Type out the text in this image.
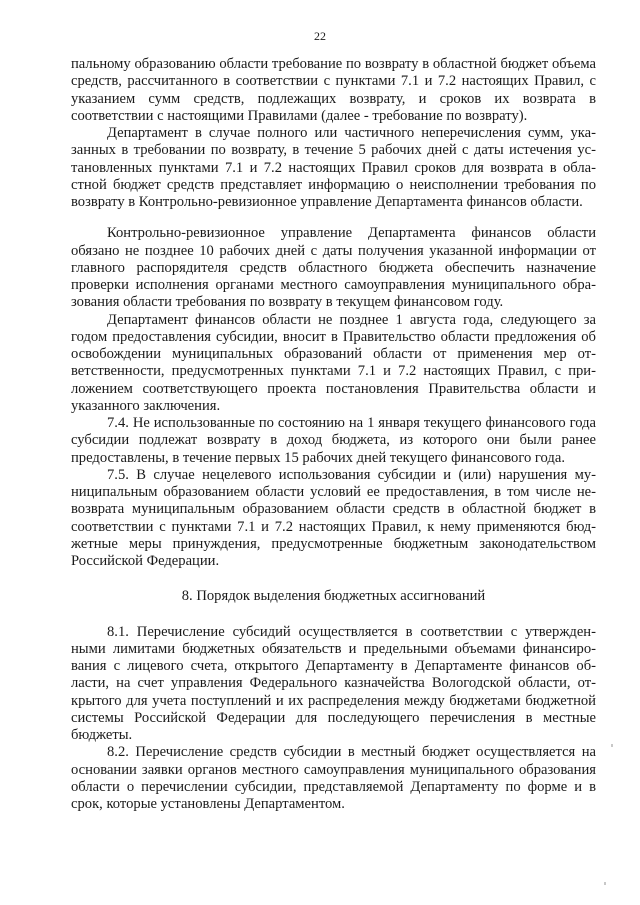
22

пальному образованию области требование по возврату в областной бюджет объема средств, рассчитанного в соответствии с пунктами 7.1 и 7.2 настоящих Правил, с указанием сумм средств, подлежащих возврату, и сроков их возврата в соответствии с настоящими Правилами (далее - требование по возврату).

Департамент в случае полного или частичного неперечисления сумм, указанных в требовании по возврату, в течение 5 рабочих дней с даты истечения установленных пунктами 7.1 и 7.2 настоящих Правил сроков для возврата в областной бюджет средств представляет информацию о неисполнении требования по возврату в Контрольно-ревизионное управление Департамента финансов области.

Контрольно-ревизионное управление Департамента финансов области обязано не позднее 10 рабочих дней с даты получения указанной информации от главного распорядителя средств областного бюджета обеспечить назначение проверки исполнения органами местного самоуправления муниципального образования области требования по возврату в текущем финансовом году.

Департамент финансов области не позднее 1 августа года, следующего за годом предоставления субсидии, вносит в Правительство области предложения об освобождении муниципальных образований области от применения мер ответственности, предусмотренных пунктами 7.1 и 7.2 настоящих Правил, с приложением соответствующего проекта постановления Правительства области и указанного заключения.

7.4. Не использованные по состоянию на 1 января текущего финансового года субсидии подлежат возврату в доход бюджета, из которого они были ранее предоставлены, в течение первых 15 рабочих дней текущего финансового года.

7.5. В случае нецелевого использования субсидии и (или) нарушения муниципальным образованием области условий ее предоставления, в том числе невозврата муниципальным образованием области средств в областной бюджет в соответствии с пунктами 7.1 и 7.2 настоящих Правил, к нему применяются бюджетные меры принуждения, предусмотренные бюджетным законодательством Российской Федерации.

8. Порядок выделения бюджетных ассигнований

8.1. Перечисление субсидий осуществляется в соответствии с утвержденными лимитами бюджетных обязательств и предельными объемами финансирования с лицевого счета, открытого Департаменту в Департаменте финансов области, на счет управления Федерального казначейства Вологодской области, открытого для учета поступлений и их распределения между бюджетами бюджетной системы Российской Федерации для последующего перечисления в местные бюджеты.

8.2. Перечисление средств субсидии в местный бюджет осуществляется на основании заявки органов местного самоуправления муниципального образования области о перечислении субсидии, представляемой Департаменту по форме и в срок, которые установлены Департаментом.
